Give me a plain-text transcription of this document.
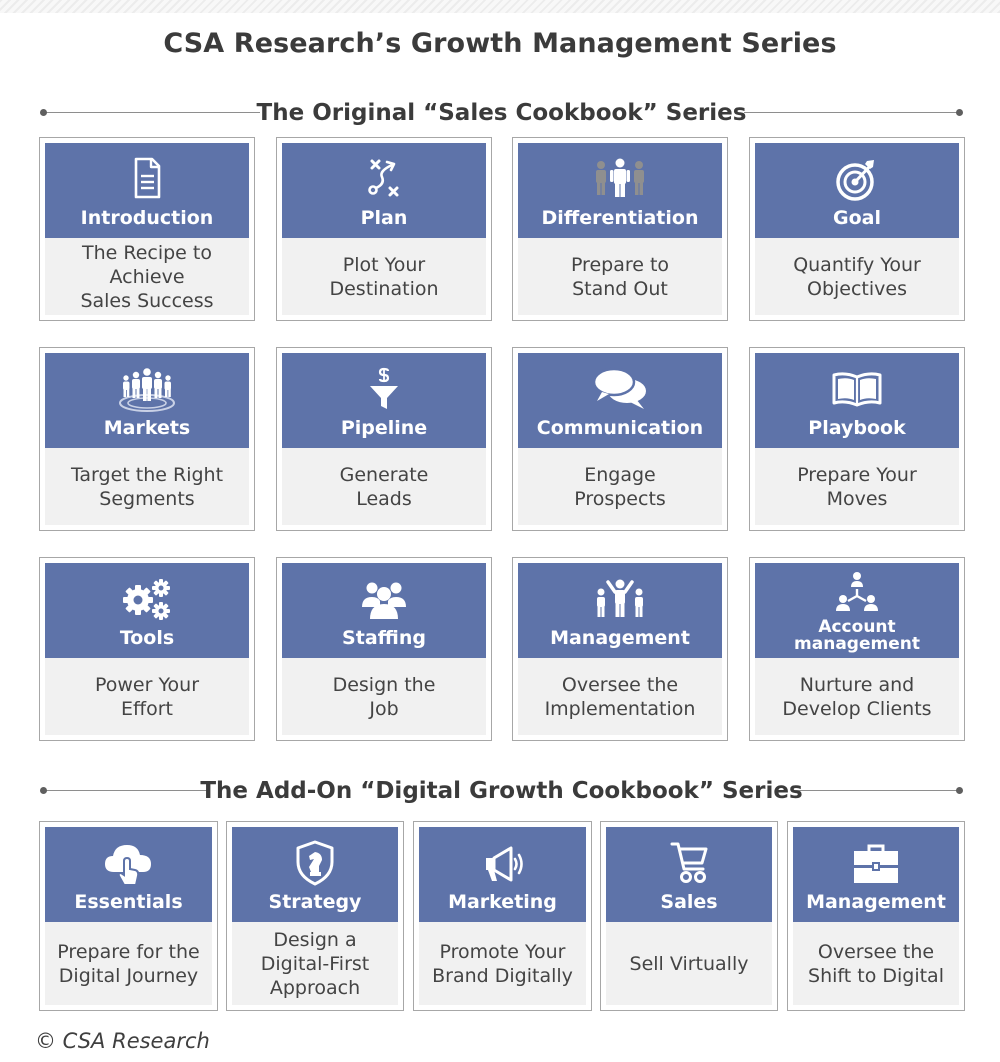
CSA Research’s Growth Management Series
The Original “Sales Cookbook” Series
Introduction
The Recipe to
Achieve
Sales Success
Plan
Plot Your
Destination
Differentiation
Prepare to
Stand Out
Goal
Quantify Your
Objectives
Markets
Target the Right
Segments
Pipeline
Generate
Leads
Communication
Engage
Prospects
Playbook
Prepare Your
Moves
Tools
Power Your
Effort
Staffing
Design the
Job
Management
Oversee the
Implementation
Account
management
Nurture and
Develop Clients
The Add-On “Digital Growth Cookbook” Series
Essentials
Prepare for the
Digital Journey
Strategy
Design a
Digital-First
Approach
Marketing
Promote Your
Brand Digitally
Sales
Sell Virtually
Management
Oversee the
Shift to Digital
© CSA Research
